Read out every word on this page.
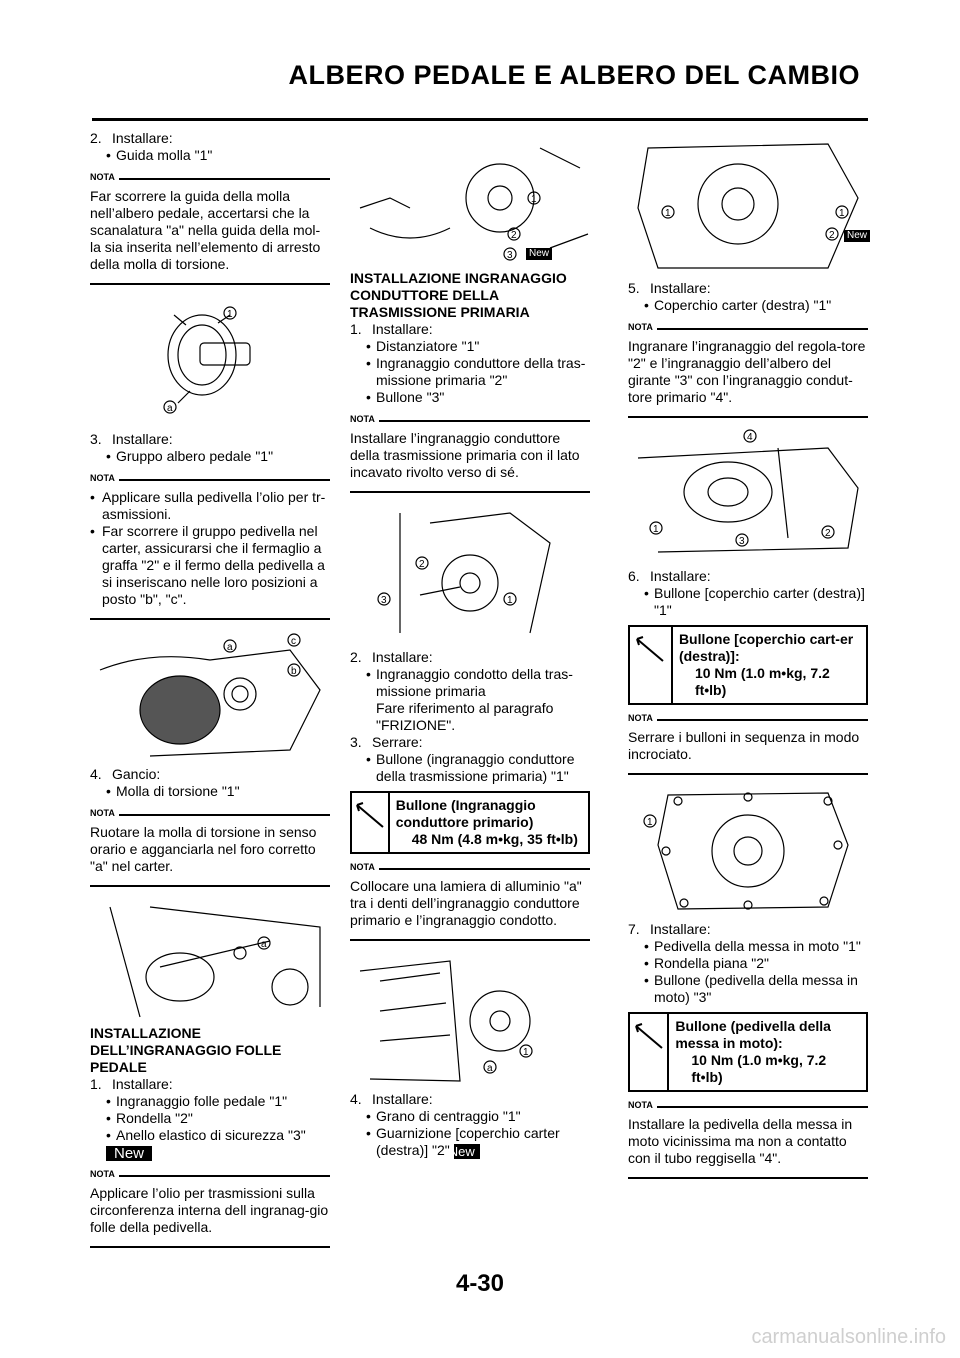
ALBERO PEDALE E ALBERO DEL CAMBIO
2. Installare:
• Guida molla "1"
NOTA
Far scorrere la guida della molla nell’albero pedale, accertarsi che la scanalatura "a" nella guida della mol-la sia inserita nell’elemento di arresto della molla di torsione.
1
a
3. Installare:
• Gruppo albero pedale "1"
NOTA
• Applicare sulla pedivella l’olio per tr-asmissioni.
• Far scorrere il gruppo pedivella nel carter, assicurarsi che il fermaglio a graffa "2" e il fermo della pedivella a si inseriscano nelle loro posizioni a posto "b", "c".
c
b
a
4. Gancio:
• Molla di torsione "1"
NOTA
Ruotare la molla di torsione in senso orario e agganciarla nel foro corretto "a" nel carter.
a
INSTALLAZIONE DELL’INGRANAGGIO FOLLE PEDALE
1. Installare:
• Ingranaggio folle pedale "1"
• Rondella "2"
• Anello elastico di sicurezza "3"
New
NOTA
Applicare l’olio per trasmissioni sulla circonferenza interna dell ingranag-gio folle della pedivella.
1
2
3	New
INSTALLAZIONE INGRANAGGIO CONDUTTORE DELLA TRASMISSIONE PRIMARIA
1. Installare:
• Distanziatore "1"
• Ingranaggio conduttore della tras-missione primaria "2"
• Bullone "3"
NOTA
Installare l’ingranaggio conduttore della trasmissione primaria con il lato incavato rivolto verso di sé.
2
3	1
2. Installare:
• Ingranaggio condotto della tras-missione primaria
Fare riferimento al paragrafo "FRIZIONE".
3. Serrare:
• Bullone (ingranaggio conduttore della trasmissione primaria) "1"
Bullone (Ingranaggio conduttore primario)
48 Nm (4.8 m•kg, 35 ft•lb)
NOTA
Collocare una lamiera di alluminio "a" tra i denti dell’ingranaggio conduttore primario e l’ingranaggio condotto.
1
a
4. Installare:
• Grano di centraggio "1"
• Guarnizione [coperchio carter (destra)] "2"New
1	1
2	New
5. Installare:
• Coperchio carter (destra) "1"
NOTA
Ingranare l’ingranaggio del regola-tore "2" e l’ingranaggio dell’albero del girante "3" con l’ingranaggio condut-tore primario "4".
1	2
3
4
6. Installare:
• Bullone [coperchio carter (destra)] "1"
Bullone [coperchio cart-er (destra)]:
10 Nm (1.0 m•kg, 7.2 ft•lb)
NOTA
Serrare i bulloni in sequenza in modo incrociato.
1
7. Installare:
• Pedivella della messa in moto "1"
• Rondella piana "2"
• Bullone (pedivella della messa in moto) "3"
Bullone (pedivella della messa in moto):
10 Nm (1.0 m•kg, 7.2 ft•lb)
NOTA
Installare la pedivella della messa in moto vicinissima ma non a contatto con il tubo reggisella "4".
4-30
carmanualsonline.info
